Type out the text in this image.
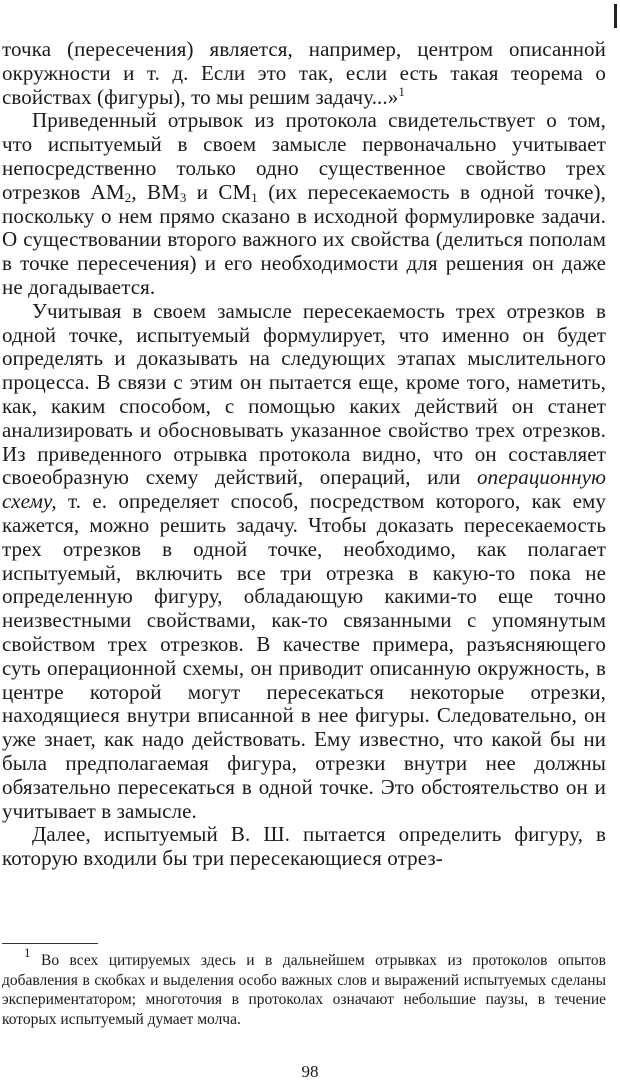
точка (пересечения) является, например, центром описанной окружности и т. д. Если это так, если есть такая теорема о свойствах (фигуры), то мы решим задачу...»$^1$

Приведенный отрывок из протокола свидетельствует о том, что испытуемый в своем замысле первоначально учитывает непосредственно только одно существенное свойство трех отрезков $AM_2$, $BM_3$ и $CM_1$ (их пересекаемость в одной точке), поскольку о нем прямо сказано в исходной формулировке задачи. О существовании второго важного их свойства (делиться пополам в точке пересечения) и его необходимости для решения он даже не догадывается.

Учитывая в своем замысле пересекаемость трех отрезков в одной точке, испытуемый формулирует, что именно он будет определять и доказывать на следующих этапах мыслительного процесса. В связи с этим он пытается еще, кроме того, наметить, как, каким способом, с помощью каких действий он станет анализировать и обосновывать указанное свойство трех отрезков. Из приведенного отрывка протокола видно, что он составляет своеобразную схему действий, операций, или операционную схему, т. е. определяет способ, посредством которого, как ему кажется, можно решить задачу. Чтобы доказать пересекаемость трех отрезков в одной точке, необходимо, как полагает испытуемый, включить все три отрезка в какую-то пока не определенную фигуру, обладающую какими-то еще точно неизвестными свойствами, как-то связанными с упомянутым свойством трех отрезков. В качестве примера, разъясняющего суть операционной схемы, он приводит описанную окружность, в центре которой могут пересекаться некоторые отрезки, находящиеся внутри вписанной в нее фигуры. Следовательно, он уже знает, как надо действовать. Ему известно, что какой бы ни была предполагаемая фигура, отрезки внутри нее должны обязательно пересекаться в одной точке. Это обстоятельство он и учитывает в замысле.

Далее, испытуемый В. Ш. пытается определить фигуру, в которую входили бы три пересекающиеся отрез-

$^1$ Во всех цитируемых здесь и в дальнейшем отрывках из протоколов опытов добавления в скобках и выделения особо важных слов и выражений испытуемых сделаны экспериментатором; многоточия в протоколах означают небольшие паузы, в течение которых испытуемый думает молча.

98
